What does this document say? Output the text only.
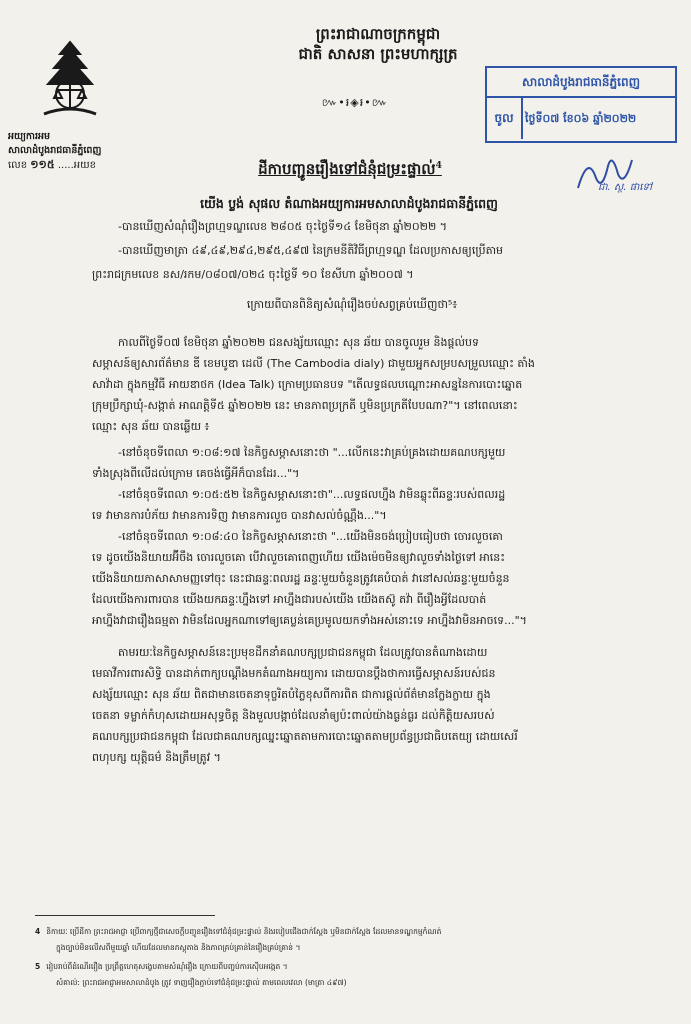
អយ្យការអម
សាលាដំបូងរាជធានីភ្នំពេញ
លេខ ១១៥ .....អយខ
ព្រះរាជាណាចក្រកម្ពុជា
ជាតិ សាសនា ព្រះមហាក្សត្រ
៚•៛◈៛•៚
សាលាដំបូងរាជធានីភ្នំពេញ
ចូល	ថ្ងៃទី០៧ ខែ០៦ ឆ្នាំ២០២២
ជា. ស្ថ. ផាទៅ
ដីកាបញ្ជូនរឿងទៅជំនុំជម្រះផ្ទាល់$^4$
យើង ប្លង់ សុផល តំណាងអយ្យការអមសាលាដំបូងរាជធានីភ្នំពេញ
-បានឃើញសំណុំរឿងព្រហ្មទណ្ឌលេខ ២៨០៥ ចុះថ្ងៃទី១៤ ខែមិថុនា ឆ្នាំ២០២២ ។
-បានឃើញមាត្រា ៤៩,៤៩,២៩៤,២៩៥,៤៩៧ នៃក្រមនីតិវិធីព្រហ្មទណ្ឌ ដែលប្រកាសឲ្យប្រើតាម
ព្រះរាជក្រមលេខ នស/រកម/០៨០៧/០២៤ ចុះថ្ងៃទី ១០ ខែសីហា ឆ្នាំ២០០៧ ។
ក្រោយពីបានពិនិត្យសំណុំរឿងចប់សព្វគ្រប់ឃើញថា⁵៖
កាលពីថ្ងៃទី០៧ ខែមិថុនា ឆ្នាំ២០២២ ជនសង្ស័យឈ្មោះ សុន ឆ័យ បានចូលរួម និងផ្តល់បទ
សម្ភាសន៍ឲ្យសារព័ត៌មាន ឌី ខេមបូឌា ដេលី (The Cambodia dialy) ជាមួយអ្នកសម្របសម្រួលឈ្មោះ តាំង
សាវ៉ាដា ក្នុងកម្មវិធី អាយឌាថក (Idea Talk) ក្រោមប្រធានបទ "តើលទ្ធផលបណ្តោះអាសន្ននៃការបោះឆ្នោត
ក្រុមប្រឹក្សាឃុំ-សង្កាត់ អាណត្តិទី៥ ឆ្នាំ២០២២ នេះ មានភាពប្រក្រតី ឬមិនប្រក្រតីបែបណា?"។ នៅពេលនោះ
ឈ្មោះ សុន ឆ័យ បានឆ្លើយ ៖
-នៅចំនុចទីពេលា ១:០៨:១៧ នៃកិច្ចសម្ភាសនោះថា "...លើកនេះវាគ្រប់គ្រងដោយគណបក្សមួយ
ទាំងស្រុងពីលើដល់ក្រោម គេចង់ធ្វើអីក៏បានដែរ..."។
-នៅចំនុចទីពេលា ១:០៥:៥២ នៃកិច្ចសម្ភាសនោះថា"...លទ្ធផលហ្នឹង វាមិនឆ្លុះពីឆន្ទៈរបស់ពលរដ្ឋ
ទេ វាមានការបំភ័យ វាមានការទិញ វាមានការលួច បានវាសល់ចំណ្ណឹង..."។
-នៅចំនុចទីពេលា ១:០៨:៤០ នៃកិច្ចសម្ភាសនោះថា "...យើងមិនចង់ប្រៀបធៀបថា ចោរលួចគោ
ទេ ដូចយើងនិយាយអ៊ីចឹង ចោរលួចគោ បើវាលួចគោពេញហើយ យើងម៉េចមិនឲ្យវាលួចទាំងថ្ងៃទៅ អានេះ
យើងនិយាយភាសាសាមញ្ញទៅចុះ នេះជាឆន្ទៈពលរដ្ឋ ឆន្ទៈមួយចំនួនត្រូវគេបំបាត់ វានៅសល់ឆន្ទៈមួយចំនួន
ដែលយើងការពារបាន យើងយកឆន្ទៈហ្នឹងទៅ អាហ្នឹងជារបស់យើង យើងតស៊ូ តវ៉ា ពីរឿងអ្វីដែលបាត់
អាហ្នឹងវាជារឿងធម្មតា វាមិនដែលអ្នកណាទៅឲ្យគេប្លន់គេប្រមូលយកទាំងអស់នោះទេ អាហ្នឹងវាមិនអាចទេ..."។
តាមរយៈនៃកិច្ចសម្ភាសន៍នេះប្រមុខដឹកនាំគណបក្សប្រជាជនកម្ពុជា ដែលត្រូវបានតំណាងដោយ
មេធាវីការពារសិទ្ធិ បានដាក់ពាក្យបណ្តឹងមកតំណាងអយ្យការ ដោយបានប្តឹងថាការធ្វើសម្ភាសន៍របស់ជន
សង្ស័យឈ្មោះ សុន ឆ័យ ពិតជាមានចេតនាទុច្ចរិតបំភ្លៃខុសពីការពិត ជាការផ្តល់ព័ត៌មានក្លែងក្លាយ ក្នុង
ចេតនា ទម្លាក់កំហុសដោយអសុទ្ធចិត្ត និងមួលបង្កាច់ដែលនាំឲ្យប៉ះពាល់យ៉ាងធ្ងន់ធ្ងរ ដល់កិត្តិយសរបស់
គណបក្សប្រជាជនកម្ពុជា ដែលជាគណបក្សឈ្នះឆ្នោតតាមការបោះឆ្នោតតាមប្រព័ន្ធប្រជាធិបតេយ្យ ដោយសេរី
ពហុបក្ស យុត្តិធម៌ និងត្រឹមត្រូវ ។
4 និកាយៈ ប្រើដីកា ព្រះរាជអាជ្ញា ប្រើពាក្យថ្មីជាសេចក្តីបញ្ជូនរឿងទៅជំនុំជម្រះផ្ទាល់ និងរបៀបជើងជាក់ស្តែង ឬមិនជាក់ស្តែង ដែលមានទណ្ឌកម្មកំណត់
ក្នុងច្បាប់មិនលើសពីមួយឆ្នាំ ហើយដែលមានភស្តុតាង និងភាពគ្រប់គ្រាន់នៃរឿងគ្រប់គ្រាន់ ។
5 រៀបរាប់ពីដំណើររឿង ប្រព្រឹត្តហេតុសង្ខេបតាមសំណុំរឿង ក្រោយពីបញ្ចប់ការស៊ើបអង្កេត ។
សំគាល់: ព្រះរាជអាជ្ញាអមសាលាដំបូង ត្រូវ ទាញរឿងភ្ជាប់ទៅជំនុំជម្រះផ្ទាល់ តាមពេលវេលា (មាត្រា ៤៩៧)
